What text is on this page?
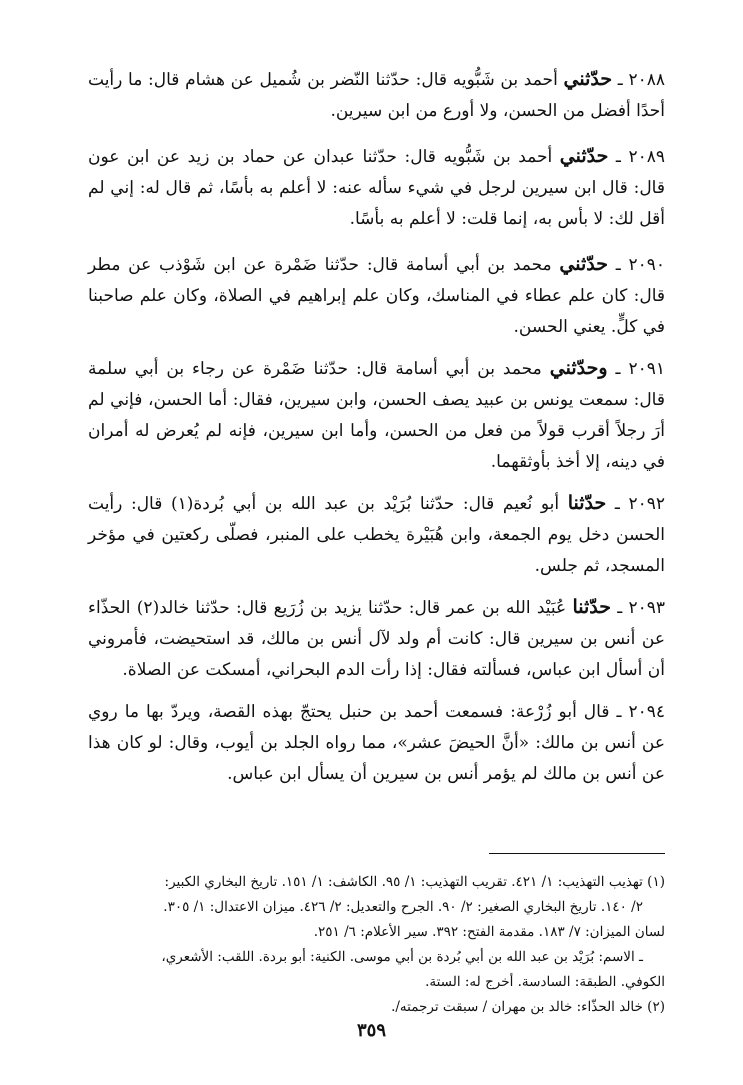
٢٠٨٨ ـ حدّثني أحمد بن شَبُّويه قال: حدّثنا النّضر بن شُميل عن هشام قال: ما رأيت أحدًا أفضل من الحسن، ولا أورع من ابن سيرين.
٢٠٨٩ ـ حدّثني أحمد بن شَبُّويه قال: حدّثنا عبدان عن حماد بن زيد عن ابن عون قال: قال ابن سيرين لرجل في شيء سأله عنه: لا أعلم به بأسًا، ثم قال له: إني لم أقل لك: لا بأس به، إنما قلت: لا أعلم به بأسًا.
٢٠٩٠ ـ حدّثني محمد بن أبي أسامة قال: حدّثنا ضَمْرة عن ابن شَوْذب عن مطر قال: كان علم عطاء في المناسك، وكان علم إبراهيم في الصلاة، وكان علم صاحبنا في كلٍّ. يعني الحسن.
٢٠٩١ ـ وحدّثني محمد بن أبي أسامة قال: حدّثنا ضَمْرة عن رجاء بن أبي سلمة قال: سمعت يونس بن عبيد يصف الحسن، وابن سيرين، فقال: أما الحسن، فإني لم أرَ رجلاً أقرب قولاً من فعل من الحسن، وأما ابن سيرين، فإنه لم يُعرض له أمران في دينه، إلا أخذ بأوثقهما.
٢٠٩٢ ـ حدّثنا أبو نُعيم قال: حدّثنا بُرَيْد بن عبد الله بن أبي بُردة(١) قال: رأيت الحسن دخل يوم الجمعة، وابن هُبَيْرة يخطب على المنبر، فصلّى ركعتين في مؤخر المسجد، ثم جلس.
٢٠٩٣ ـ حدّثنا عُبَيْد الله بن عمر قال: حدّثنا يزيد بن زُرَيع قال: حدّثنا خالد(٢) الحذّاء عن أنس بن سيرين قال: كانت أم ولد لآل أنس بن مالك، قد استحيضت، فأمروني أن أسأل ابن عباس، فسألته فقال: إذا رأت الدم البحراني، أمسكت عن الصلاة.
٢٠٩٤ ـ قال أبو زُرْعة: فسمعت أحمد بن حنبل يحتجّ بهذه القصة، ويردّ بها ما روي عن أنس بن مالك: «أنَّ الحيضَ عشر»، مما رواه الجلد بن أيوب، وقال: لو كان هذا عن أنس بن مالك لم يؤمر أنس بن سيرين أن يسأل ابن عباس.
(١) تهذيب التهذيب: ١/ ٤٢١. تقريب التهذيب: ١/ ٩٥. الكاشف: ١/ ١٥١. تاريخ البخاري الكبير:
٢/ ١٤٠. تاريخ البخاري الصغير: ٢/ ٩٠. الجرح والتعديل: ٢/ ٤٢٦. ميزان الاعتدال: ١/ ٣٠٥.
لسان الميزان: ٧/ ١٨٣. مقدمة الفتح: ٣٩٢. سير الأعلام: ٦/ ٢٥١.
ـ الاسم: بُرَيْد بن عبد الله بن أبي بُردة بن أبي موسى. الكنية: أبو بردة. اللقب: الأشعري،
الكوفي. الطبقة: السادسة. أخرج له: الستة.
(٢) خالد الحذّاء: خالد بن مهران / سبقت ترجمته/.
٣٥٩
